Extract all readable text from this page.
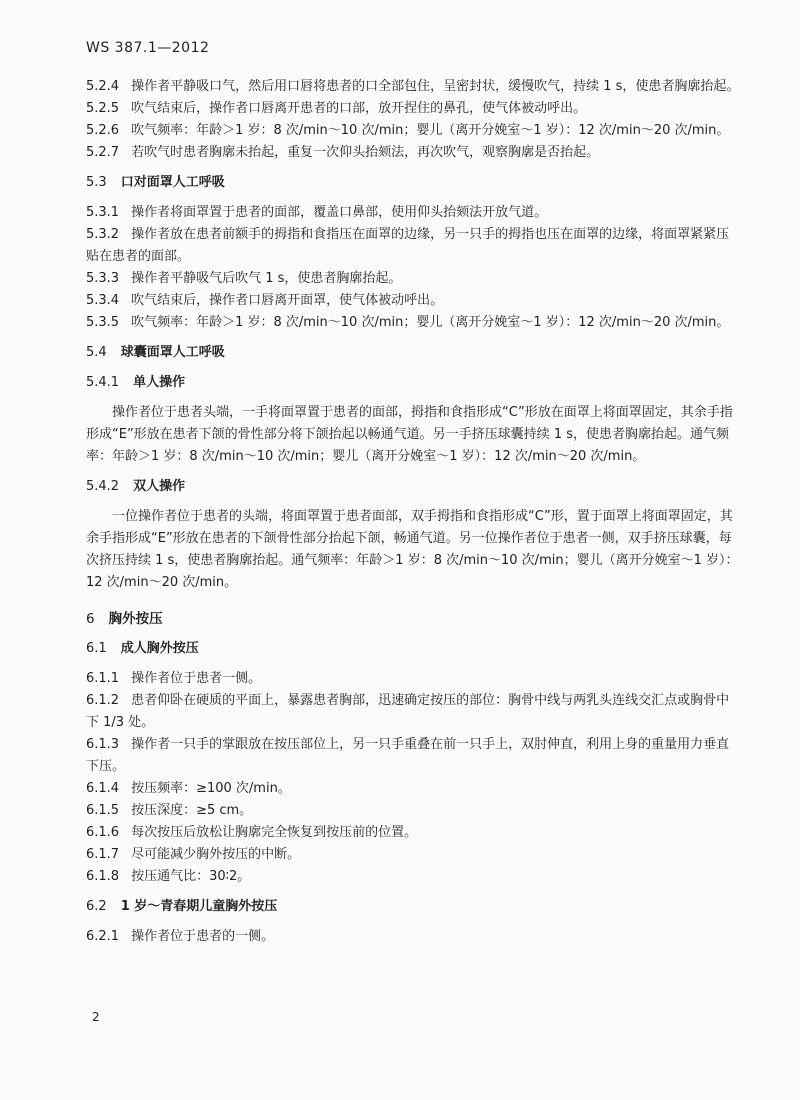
WS 387.1—2012

5.2.4 操作者平静吸口气，然后用口唇将患者的口全部包住，呈密封状，缓慢吹气，持续 1 s，使患者胸廓抬起。

5.2.5 吹气结束后，操作者口唇离开患者的口部，放开捏住的鼻孔，使气体被动呼出。

5.2.6 吹气频率：年龄＞1 岁：8 次/min～10 次/min；婴儿（离开分娩室～1 岁）：12 次/min～20 次/min。

5.2.7 若吹气时患者胸廓未抬起，重复一次仰头抬颏法，再次吹气，观察胸廓是否抬起。

5.3 口对面罩人工呼吸

5.3.1 操作者将面罩置于患者的面部，覆盖口鼻部，使用仰头抬颏法开放气道。

5.3.2 操作者放在患者前额手的拇指和食指压在面罩的边缘，另一只手的拇指也压在面罩的边缘，将面罩紧紧压贴在患者的面部。

5.3.3 操作者平静吸气后吹气 1 s，使患者胸廓抬起。

5.3.4 吹气结束后，操作者口唇离开面罩，使气体被动呼出。

5.3.5 吹气频率：年龄＞1 岁：8 次/min～10 次/min；婴儿（离开分娩室～1 岁）：12 次/min～20 次/min。

5.4 球囊面罩人工呼吸
5.4.1 单人操作

操作者位于患者头端，一手将面罩置于患者的面部，拇指和食指形成“C”形放在面罩上将面罩固定，其余手指形成“E”形放在患者下颌的骨性部分将下颌抬起以畅通气道。另一手挤压球囊持续 1 s，使患者胸廓抬起。通气频率：年龄＞1 岁：8 次/min～10 次/min；婴儿（离开分娩室～1 岁）：12 次/min～20 次/min。

5.4.2 双人操作

一位操作者位于患者的头端，将面罩置于患者面部，双手拇指和食指形成“C”形，置于面罩上将面罩固定，其余手指形成“E”形放在患者的下颌骨性部分抬起下颌，畅通气道。另一位操作者位于患者一侧，双手挤压球囊，每次挤压持续 1 s，使患者胸廓抬起。通气频率：年龄＞1 岁：8 次/min～10 次/min；婴儿（离开分娩室～1 岁）：12 次/min～20 次/min。

6 胸外按压
6.1 成人胸外按压

6.1.1 操作者位于患者一侧。

6.1.2 患者仰卧在硬质的平面上，暴露患者胸部，迅速确定按压的部位：胸骨中线与两乳头连线交汇点或胸骨中下 1/3 处。

6.1.3 操作者一只手的掌跟放在按压部位上，另一只手重叠在前一只手上，双肘伸直，利用上身的重量用力垂直下压。

6.1.4 按压频率：≥100 次/min。

6.1.5 按压深度：≥5 cm。

6.1.6 每次按压后放松让胸廓完全恢复到按压前的位置。

6.1.7 尽可能减少胸外按压的中断。

6.1.8 按压通气比：30∶2。

6.2 1 岁～青春期儿童胸外按压

6.2.1 操作者位于患者的一侧。

2
